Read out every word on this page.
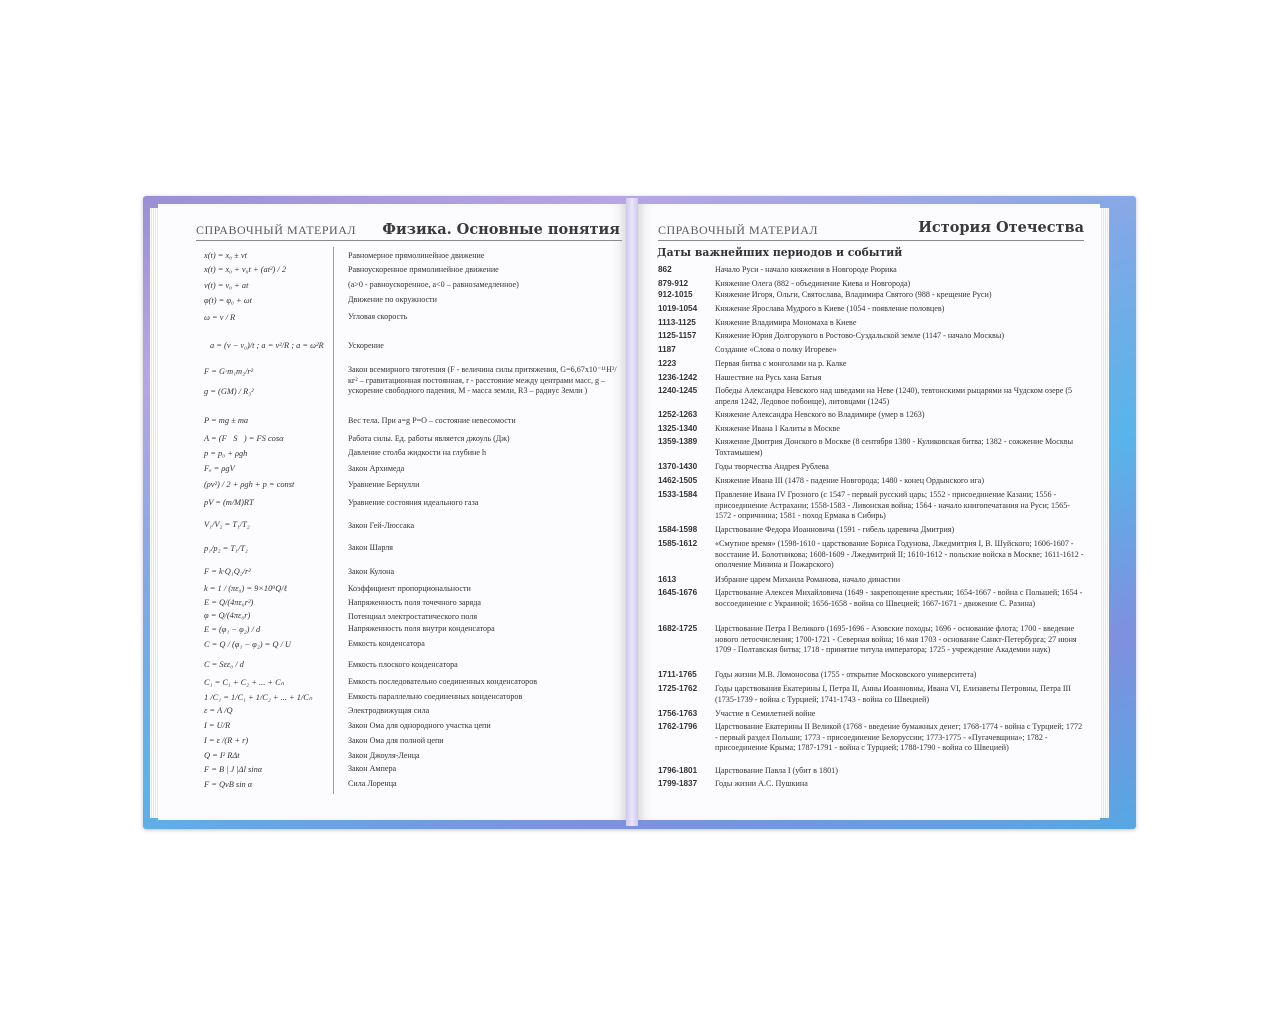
СПРАВОЧНЫЙ МАТЕРИАЛ Физика. Основные понятия
x(t) = x₀ ± vt	Равномерное прямолинейное движение
x(t) = x₀ + v₀t + (at²) / 2	Равноускоренное прямолинейное движение
v(t) = v₀ + at	(a>0 - равноускоренное, a<0 – равнозамедленное)
φ(t) = φ₀ + ωt	Движение по окружности
ω = v / R	Угловая скорость
a = (v − v₀)/t ; a = v²/R ; a = ω²R	Ускорение
F = G·m₁m₂/r²	Закон всемирного тяготения (F - величина силы притяжения, G=6,67x10⁻¹¹Н²/кг² – гравитационная постоянная, r - расстояние между центрами масс, g – ускорение свободного падения, M - масса земли, R3 – радиус Земли )
g = (GM) / R₃²
P = mg ± ma	Вес тела. При a=g P=O – состояние невесомости
A = (F⃗S⃗) = FS cosα	Работа силы. Ед. работы является джоуль (Дж)
p = p₀ + ρgh	Давление столба жидкости на глубине h
Fₐ = ρgV	Закон Архимеда
(ρv²) / 2 + ρgh + p = const	Уравнение Бернулли
pV = (m/M)RT	Уравнение состояния идеального газа
V₁/V₂ = T₁/T₂	Закон Гей-Люссака
p₁/p₂ = T₁/T₂	Закон Шарля
F = k·Q₁Q₂/r²	Закон Кулона
k = 1 / (πε₀) = 9×10⁹Q/ℓ	Коэффициент пропорциональности
E = Q/(4πε₀r²)	Напряженность поля точечного заряда
φ = Q/(4πε₀r)	Потенциал электростатического поля
E = (φ₁ − φ₂) / d	Напряженность поля внутри конденсатора
C = Q / (φ₁ − φ₂) = Q / U	Емкость конденсатора
C = Sεε₀ / d	Емкость плоского конденсатора
C₁ = C₁ + C₂ + ... + Cₙ	Емкость последовательно соединенных конденсаторов
1 /C₁ = 1/C₁ + 1/C₂ + ... + 1/Cₙ	Емкость параллельно соединенных конденсаторов
ε = A /Q	Электродвижущая сила
I = U/R	Закон Ома для однородного участка цепи
I = ε /(R + r)	Закон Ома для полной цепи
Q = I² RΔt	Закон Джоуля-Ленца
F = B | J |Δl sinα	Закон Ампера
F = QvB sin α	Сила Лоренца
СПРАВОЧНЫЙ МАТЕРИАЛ	История Отечества
Даты важнейших периодов и событий
862	Начало Руси - начало княжения в Новгороде Рюрика
879-912	Княжение Олега (882 - объединение Киева и Новгорода)
912-1015	Княжение Игоря, Ольги, Святослава, Владимира Святого (988 - крещение Руси)
1019-1054 Княжение Ярослава Мудрого в Киеве (1054 - появление половцев)
1113-1125 Княжение Владимира Мономаха в Киеве
1125-1157 Княжение Юрия Долгорукого в Ростово-Суздальской земле (1147 - начало Москвы)
1187	Создание «Слова о полку Игореве»
1223	Первая битва с монголами на р. Калке
1236-1242 Нашествие на Русь хана Батыя
1240-1245 Победы Александра Невского над шведами на Неве (1240), тевтонскими рыцарями на Чудском озере (5 апреля 1242, Ледовое побоище), литовцами (1245)
1252-1263 Княжение Александра Невского во Владимире (умер в 1263)
1325-1340 Княжение Ивана I Калиты в Москве
1359-1389 Княжение Дмитрия Донского в Москве (8 сентября 1380 - Куликовская битва; 1382 - сожжение Москвы Тохтамышем)
1370-1430 Годы творчества Андрея Рублева
1462-1505 Княжение Ивана III (1478 - падение Новгорода; 1480 - конец Ордынского ига)
1533-1584 Правление Ивана IV Грозного (с 1547 - первый русский царь; 1552 - присоединение Казани; 1556 - присоединение Астрахани; 1558-1583 - Ливонская война; 1564 - начало книгопечатания на Руси; 1565-1572 - опричнина; 1581 - поход Ермака в Сибирь)
1584-1598 Царствование Федора Иоанновича (1591 - гибель царевича Дмитрия)
1585-1612 «Смутное время» (1598-1610 - царствование Бориса Годунова, Лжедмитрия I, В. Шуйского; 1606-1607 - восстание И. Болотникова; 1608-1609 - Лжедмитрий II; 1610-1612 - польские войска в Москве; 1611-1612 - ополчение Минина и Пожарского)
1613	Избрание царем Михаила Романова, начало династии
1645-1676 Царствование Алексея Михайловича (1649 - закрепощение крестьян; 1654-1667 - война с Польшей; 1654 - воссоединение с Украиной; 1656-1658 - война со Швецией; 1667-1671 - движение С. Разина)
1682-1725 Царствование Петра I Великого (1695-1696 - Азовские походы; 1696 - основание флота; 1700 - введение нового летосчисления; 1700-1721 - Северная война; 16 мая 1703 - основание Санкт-Петербурга; 27 июня 1709 - Полтавская битва; 1718 - принятие титула императора; 1725 - учреждение Академии наук)
1711-1765 Годы жизни М.В. Ломоносова (1755 - открытие Московского университета)
1725-1762 Годы царствования Екатерины I, Петра II, Анны Иоанновны, Ивана VI, Елизаветы Петровны, Петра III (1735-1739 - война с Турцией; 1741-1743 - война со Швецией)
1756-1763 Участие в Семилетней войне
1762-1796 Царствование Екатерины II Великой (1768 - введение бумажных денег; 1768-1774 - война с Турцией; 1772 - первый раздел Польши; 1773 - присоединение Белоруссии; 1773-1775 - «Пугачевщина»; 1782 - присоединение Крыма; 1787-1791 - война с Турцией; 1788-1790 - война со Швецией)
1796-1801 Царствование Павла I (убит в 1801)
1799-1837 Годы жизни А.С. Пушкина
